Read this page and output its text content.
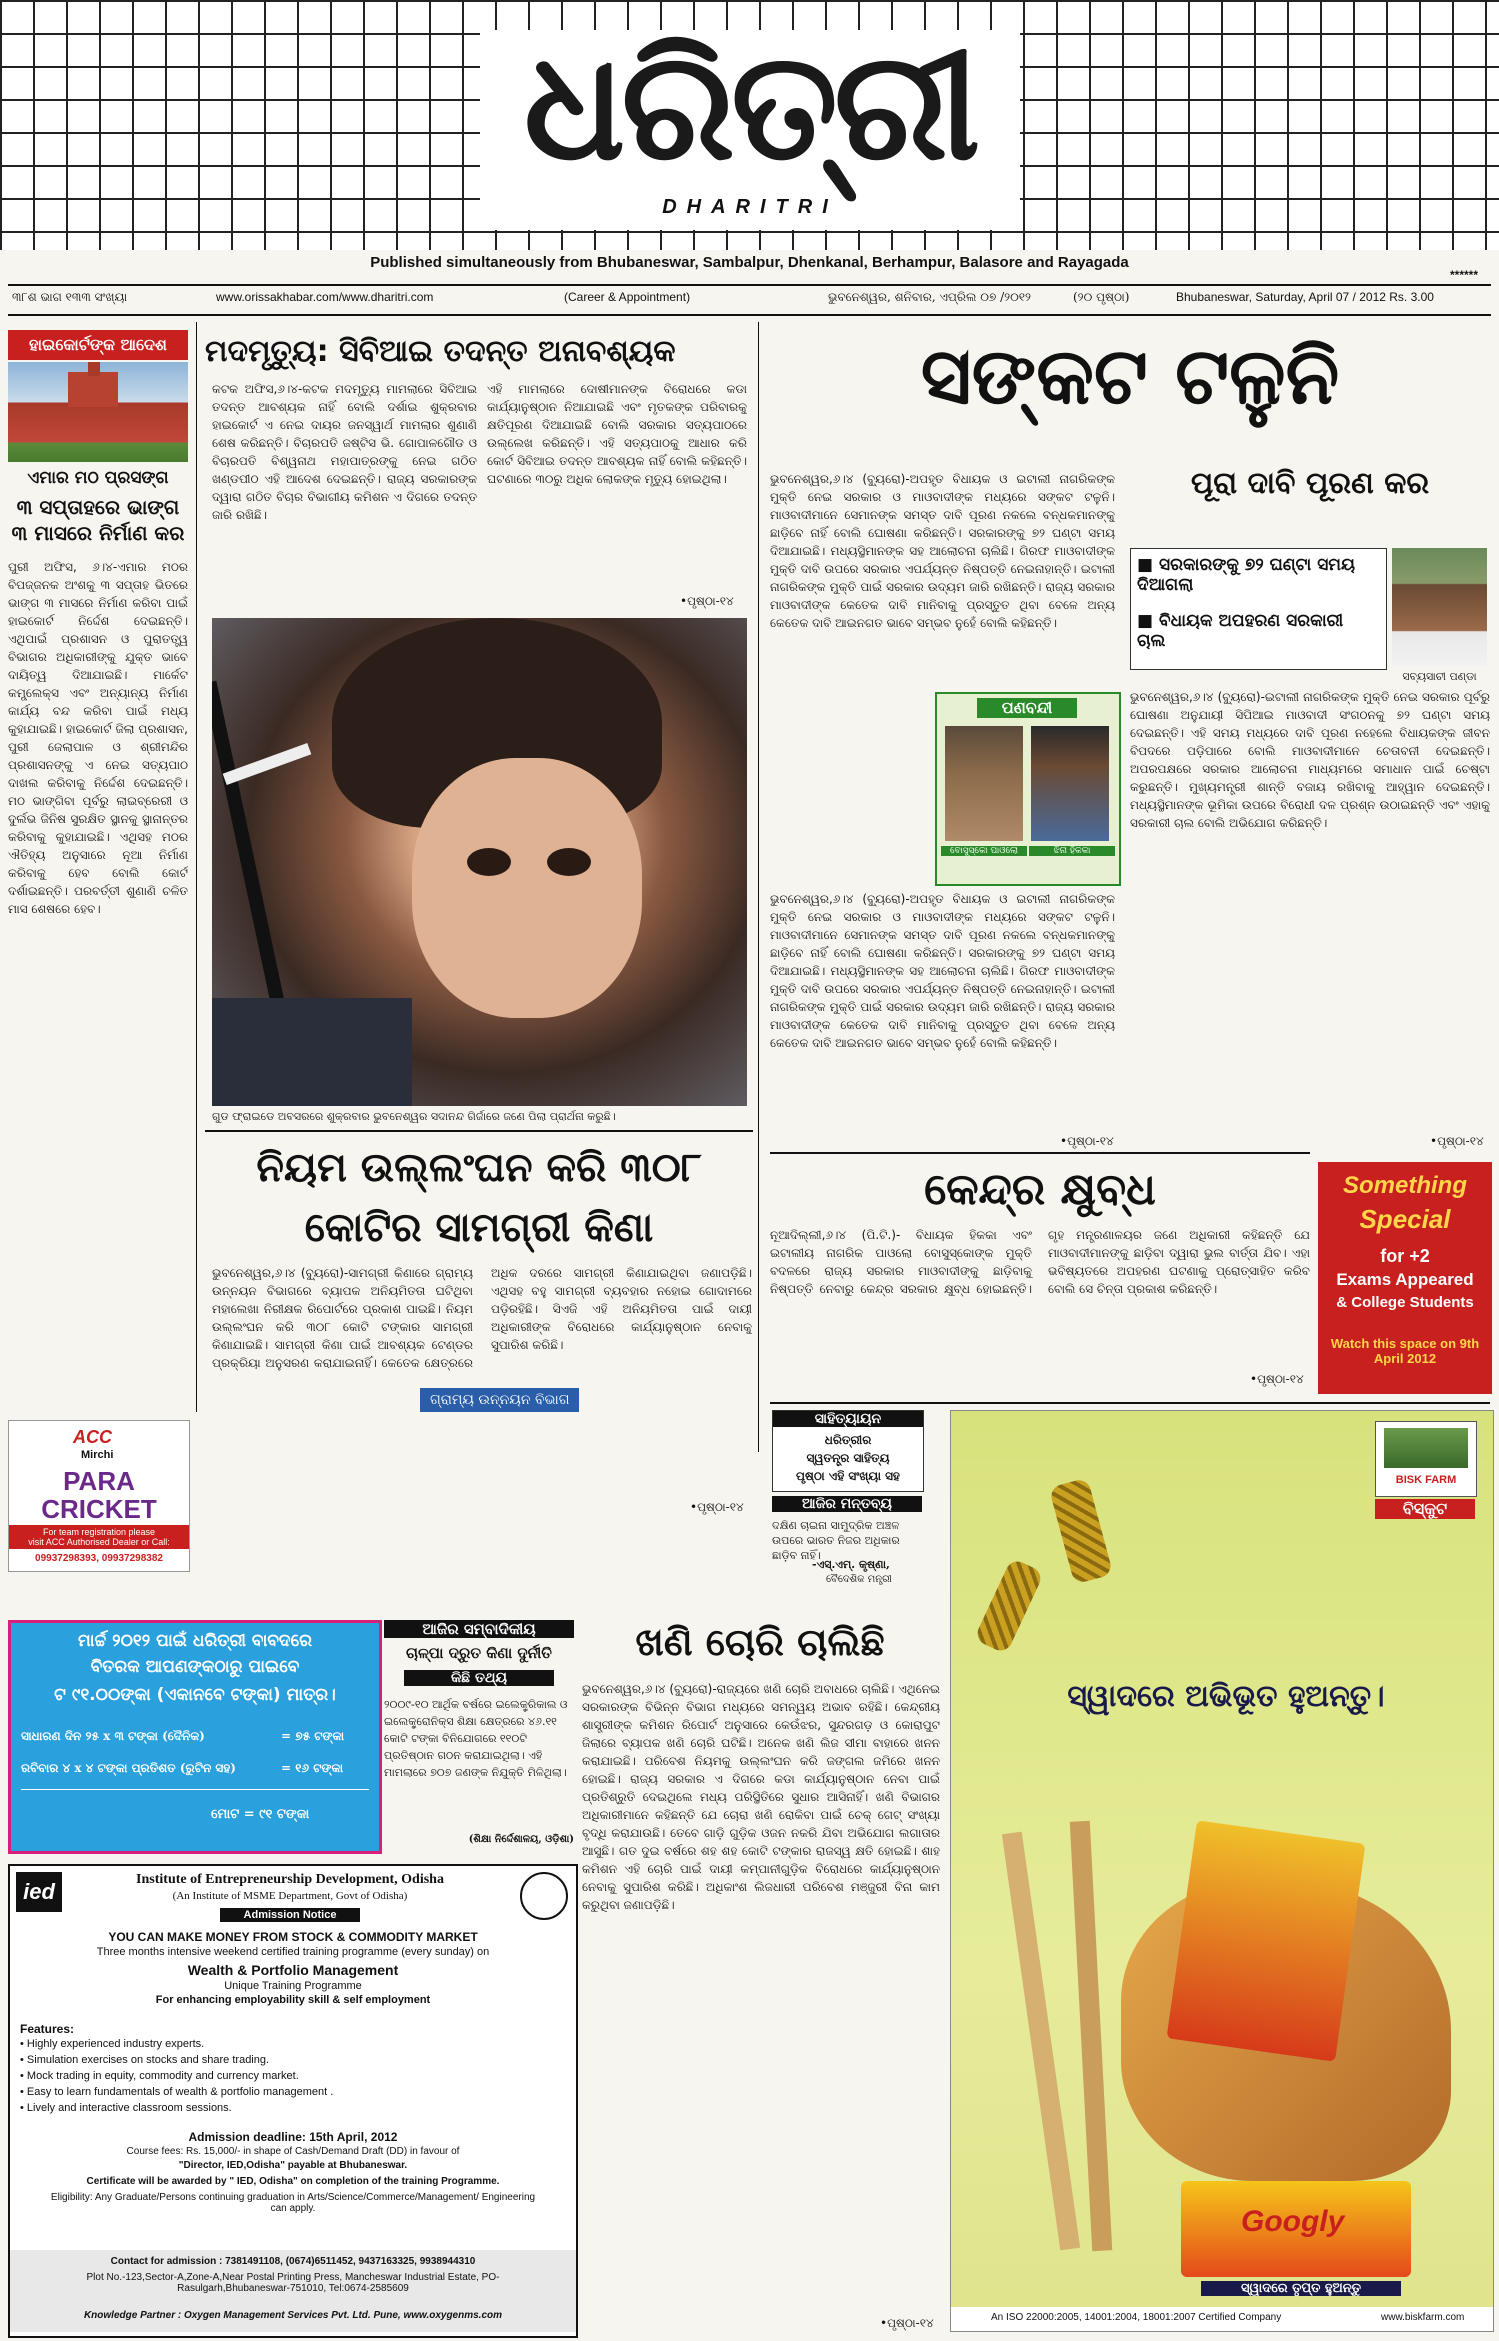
ଧରିତ୍ରୀ
DHARITRI
Published simultaneously from Bhubaneswar, Sambalpur, Dhenkanal, Berhampur, Balasore and Rayagada
******
୩୮ଶ ଭାଗ ୧୩୩ ସଂଖ୍ୟା	www.orissakhabar.com/www.dharitri.com	(Career & Appointment)	ଭୁବନେଶ୍ୱର, ଶନିବାର, ଏପ୍ରିଲ ୦୭ /୨୦୧୨	(୨୦ ପୃଷ୍ଠା)	Bhubaneswar, Saturday, April 07 / 2012 Rs. 3.00
ହାଇକୋର୍ଟଙ୍କ ଆଦେଶ
ଏମାର ମଠ ପ୍ରସଙ୍ଗ
୩ ସପ୍ତାହରେ ଭାଙ୍ଗ ୩ ମାସରେ ନିର୍ମାଣ କର
ପୁରୀ ଅଫିସ, ୬।୪-ଏମାର ମଠର ବିପଜ୍ଜନକ ଅଂଶକୁ ୩ ସପ୍ତାହ ଭିତରେ ଭାଙ୍ଗ ୩ ମାସରେ ନିର୍ମାଣ କରିବା ପାଇଁ ହାଇକୋର୍ଟ ନିର୍ଦ୍ଦେଶ ଦେଇଛନ୍ତି। ଏଥିପାଇଁ ପ୍ରଶାସନ ଓ ପୁରାତତ୍ତ୍ୱ ବିଭାଗର ଅଧିକାରୀଙ୍କୁ ଯୁକ୍ତ ଭାବେ ଦାୟିତ୍ୱ ଦିଆଯାଇଛି। ମାର୍କେଟ କମ୍ପ୍ଲେକ୍ସ ଏବଂ ଅନ୍ୟାନ୍ୟ ନିର୍ମାଣ କାର୍ଯ୍ୟ ବନ୍ଦ କରିବା ପାଇଁ ମଧ୍ୟ କୁହାଯାଇଛି। ହାଇକୋର୍ଟ ଜିଲା ପ୍ରଶାସନ, ପୁରୀ ଜେଲାପାଳ ଓ ଶ୍ରୀମନ୍ଦିର ପ୍ରଶାସନଙ୍କୁ ଏ ନେଇ ସତ୍ୟପାଠ ଦାଖଲ କରିବାକୁ ନିର୍ଦ୍ଦେଶ ଦେଇଛନ୍ତି। ମଠ ଭାଙ୍ଗିବା ପୂର୍ବରୁ ଲାଇବ୍ରେରୀ ଓ ଦୁର୍ଲଭ ଜିନିଷ ସୁରକ୍ଷିତ ସ୍ଥାନକୁ ସ୍ଥାନାନ୍ତର କରିବାକୁ କୁହାଯାଇଛି। ଏଥିସହ ମଠର ଐତିହ୍ୟ ଅନୁସାରେ ନୂଆ ନିର୍ମାଣ କରିବାକୁ ହେବ ବୋଲି କୋର୍ଟ ଦର୍ଶାଇଛନ୍ତି। ପରବର୍ତ୍ତୀ ଶୁଣାଣି ଚଳିତ ମାସ ଶେଷରେ ହେବ।
ACC
Mirchi
PARA CRICKET
For team registration please
visit ACC Authorised Dealer or Call:
09937298393, 09937298382
ମଦମୃତ୍ୟୁ: ସିବିଆଇ ତଦନ୍ତ ଅନାବଶ୍ୟକ
କଟକ ଅଫିସ,୬।୪-କଟକ ମଦମୃତ୍ୟୁ ମାମଲାରେ ସିବିଆଇ ତଦନ୍ତ ଆବଶ୍ୟକ ନାହିଁ ବୋଲି ଦର୍ଶାଇ ଶୁକ୍ରବାର ହାଇକୋର୍ଟ ଏ ନେଇ ଦାୟର ଜନସ୍ୱାର୍ଥ ମାମଲାର ଶୁଣାଣି ଶେଷ କରିଛନ୍ତି। ବିଚାରପତି ଜଷ୍ଟିସ ଭି. ଗୋପାଳଗୌଡ ଓ ବିଚାରପତି ବିଶ୍ୱନାଥ ମହାପାତ୍ରଙ୍କୁ ନେଇ ଗଠିତ ଖଣ୍ଡପୀଠ ଏହି ଆଦେଶ ଦେଇଛନ୍ତି। ରାଜ୍ୟ ସରକାରଙ୍କ ଦ୍ୱାରା ଗଠିତ ବିଚାର ବିଭାଗୀୟ କମିଶନ ଏ ଦିଗରେ ତଦନ୍ତ ଜାରି ରଖିଛି।
ଏହି ମାମଲାରେ ଦୋଷୀମାନଙ୍କ ବିରୋଧରେ କଡା କାର୍ଯ୍ୟାନୁଷ୍ଠାନ ନିଆଯାଇଛି ଏବଂ ମୃତକଙ୍କ ପରିବାରକୁ କ୍ଷତିପୂରଣ ଦିଆଯାଇଛି ବୋଲି ସରକାର ସତ୍ୟପାଠରେ ଉଲ୍ଲେଖ କରିଛନ୍ତି। ଏହି ସତ୍ୟପାଠକୁ ଆଧାର କରି କୋର୍ଟ ସିବିଆଇ ତଦନ୍ତ ଆବଶ୍ୟକ ନାହିଁ ବୋଲି କହିଛନ୍ତି। ଘଟଣାରେ ୩୦ରୁ ଅଧିକ ଲୋକଙ୍କ ମୃତ୍ୟୁ ହୋଇଥିଲା।
•ପୃଷ୍ଠା-୧୪
ଗୁଡ ଫ୍ରାଇଡେ ଅବସରରେ ଶୁକ୍ରବାର ଭୁବନେଶ୍ୱର ସଦାନନ୍ଦ ଗିର୍ଜାରେ ଜଣେ ପିଲା ପ୍ରାର୍ଥନା କରୁଛି।
ନିୟମ ଉଲ୍ଲଂଘନ କରି ୩୦୮
କୋଟିର ସାମଗ୍ରୀ କିଣା
ଭୁବନେଶ୍ୱର,୬।୪ (ବ୍ୟୁରୋ)-ସାମଗ୍ରୀ କିଣାରେ ଗ୍ରାମ୍ୟ ଉନ୍ନୟନ ବିଭାଗରେ ବ୍ୟାପକ ଅନିୟମିତତା ଘଟିଥିବା ମହାଲେଖା ନିରୀକ୍ଷକ ରିପୋର୍ଟରେ ପ୍ରକାଶ ପାଇଛି। ନିୟମ ଉଲ୍ଲଂଘନ କରି ୩୦୮ କୋଟି ଟଙ୍କାର ସାମଗ୍ରୀ କିଣାଯାଇଛି। ସାମଗ୍ରୀ କିଣା ପାଇଁ ଆବଶ୍ୟକ ଟେଣ୍ଡର ପ୍ରକ୍ରିୟା ଅନୁସରଣ କରାଯାଇନାହିଁ। କେତେକ କ୍ଷେତ୍ରରେ ଅଧିକ ଦରରେ ସାମଗ୍ରୀ କିଣାଯାଇଥିବା ଜଣାପଡ଼ିଛି। ଏଥିସହ ବହୁ ସାମଗ୍ରୀ ବ୍ୟବହାର ନହୋଇ ଗୋଦାମରେ ପଡ଼ିରହିଛି। ସିଏଜି ଏହି ଅନିୟମିତତା ପାଇଁ ଦାୟୀ ଅଧିକାରୀଙ୍କ ବିରୋଧରେ କାର୍ଯ୍ୟାନୁଷ୍ଠାନ ନେବାକୁ ସୁପାରିଶ କରିଛି।
ଗ୍ରାମ୍ୟ ଉନ୍ନୟନ ବିଭାଗ
•ପୃଷ୍ଠା-୧୪
ସଙ୍କଟ ଟଳୁନି
ଭୁବନେଶ୍ୱର,୬।୪ (ବ୍ୟୁରୋ)-ଅପହୃତ ବିଧାୟକ ଓ ଇଟାଲୀ ନାଗରିକଙ୍କ ମୁକ୍ତି ନେଇ ସରକାର ଓ ମାଓବାଦୀଙ୍କ ମଧ୍ୟରେ ସଙ୍କଟ ଟଳୁନି। ମାଓବାଦୀମାନେ ସେମାନଙ୍କ ସମସ୍ତ ଦାବି ପୂରଣ ନକଲେ ବନ୍ଧକମାନଙ୍କୁ ଛାଡ଼ିବେ ନାହିଁ ବୋଲି ଘୋଷଣା କରିଛନ୍ତି। ସରକାରଙ୍କୁ ୭୨ ଘଣ୍ଟା ସମୟ ଦିଆଯାଇଛି। ମଧ୍ୟସ୍ଥିମାନଙ୍କ ସହ ଆଲୋଚନା ଚାଲିଛି। ଗିରଫ ମାଓବାଦୀଙ୍କ ମୁକ୍ତି ଦାବି ଉପରେ ସରକାର ଏପର୍ଯ୍ୟନ୍ତ ନିଷ୍ପତ୍ତି ନେଇନାହାନ୍ତି। ଇଟାଲୀ ନାଗରିକଙ୍କ ମୁକ୍ତି ପାଇଁ ସରକାର ଉଦ୍ୟମ ଜାରି ରଖିଛନ୍ତି। ରାଜ୍ୟ ସରକାର ମାଓବାଦୀଙ୍କ କେତେକ ଦାବି ମାନିବାକୁ ପ୍ରସ୍ତୁତ ଥିବା ବେଳେ ଅନ୍ୟ କେତେକ ଦାବି ଆଇନଗତ ଭାବେ ସମ୍ଭବ ନୁହେଁ ବୋଲି କହିଛନ୍ତି।
ପୂରା ଦାବି ପୂରଣ କର
■ ସରକାରଙ୍କୁ ୭୨ ଘଣ୍ଟା ସମୟ ଦିଆଗଲା
■ ବିଧାୟକ ଅପହରଣ ସରକାରୀ ଚାଲ
ସବ୍ୟସାଚୀ ପଣ୍ଡା
ଭୁବନେଶ୍ୱର,୬।୪ (ବ୍ୟୁରୋ)-ଇଟାଲୀ ନାଗରିକଙ୍କ ମୁକ୍ତି ନେଇ ସରକାର ପୂର୍ବରୁ ଘୋଷଣା ଅନୁଯାୟୀ ସିପିଆଇ ମାଓବାଦୀ ସଂଗଠନକୁ ୭୨ ଘଣ୍ଟା ସମୟ ଦେଇଛନ୍ତି। ଏହି ସମୟ ମଧ୍ୟରେ ଦାବି ପୂରଣ ନହେଲେ ବିଧାୟକଙ୍କ ଜୀବନ ବିପଦରେ ପଡ଼ିପାରେ ବୋଲି ମାଓବାଦୀମାନେ ଚେତାବନୀ ଦେଇଛନ୍ତି। ଅପରପକ୍ଷରେ ସରକାର ଆଲୋଚନା ମାଧ୍ୟମରେ ସମାଧାନ ପାଇଁ ଚେଷ୍ଟା କରୁଛନ୍ତି। ମୁଖ୍ୟମନ୍ତ୍ରୀ ଶାନ୍ତି ବଜାୟ ରଖିବାକୁ ଆହ୍ୱାନ ଦେଇଛନ୍ତି। ମଧ୍ୟସ୍ଥିମାନଙ୍କ ଭୂମିକା ଉପରେ ବିରୋଧୀ ଦଳ ପ୍ରଶ୍ନ ଉଠାଇଛନ୍ତି ଏବଂ ଏହାକୁ ସରକାରୀ ଚାଲ ବୋଲି ଅଭିଯୋଗ କରିଛନ୍ତି।
ପଣବନ୍ଦୀ
ବୋସୁସ୍କୋ ପାଓଲୋ	ଝିନା ହିକକା
ଭୁବନେଶ୍ୱର,୬।୪ (ବ୍ୟୁରୋ)-ଅପହୃତ ବିଧାୟକ ଓ ଇଟାଲୀ ନାଗରିକଙ୍କ ମୁକ୍ତି ନେଇ ସରକାର ଓ ମାଓବାଦୀଙ୍କ ମଧ୍ୟରେ ସଙ୍କଟ ଟଳୁନି। ମାଓବାଦୀମାନେ ସେମାନଙ୍କ ସମସ୍ତ ଦାବି ପୂରଣ ନକଲେ ବନ୍ଧକମାନଙ୍କୁ ଛାଡ଼ିବେ ନାହିଁ ବୋଲି ଘୋଷଣା କରିଛନ୍ତି। ସରକାରଙ୍କୁ ୭୨ ଘଣ୍ଟା ସମୟ ଦିଆଯାଇଛି। ମଧ୍ୟସ୍ଥିମାନଙ୍କ ସହ ଆଲୋଚନା ଚାଲିଛି। ଗିରଫ ମାଓବାଦୀଙ୍କ ମୁକ୍ତି ଦାବି ଉପରେ ସରକାର ଏପର୍ଯ୍ୟନ୍ତ ନିଷ୍ପତ୍ତି ନେଇନାହାନ୍ତି। ଇଟାଲୀ ନାଗରିକଙ୍କ ମୁକ୍ତି ପାଇଁ ସରକାର ଉଦ୍ୟମ ଜାରି ରଖିଛନ୍ତି। ରାଜ୍ୟ ସରକାର ମାଓବାଦୀଙ୍କ କେତେକ ଦାବି ମାନିବାକୁ ପ୍ରସ୍ତୁତ ଥିବା ବେଳେ ଅନ୍ୟ କେତେକ ଦାବି ଆଇନଗତ ଭାବେ ସମ୍ଭବ ନୁହେଁ ବୋଲି କହିଛନ୍ତି।
•ପୃଷ୍ଠା-୧୪	•ପୃଷ୍ଠା-୧୪
କେନ୍ଦ୍ର କ୍ଷୁବ୍ଧ
ନୂଆଦିଲ୍ଲୀ,୬।୪ (ପି.ଟି.)- ବିଧାୟକ ହିକକା ଏବଂ ଇଟାଲୀୟ ନାଗରିକ ପାଓଲୋ ବୋସୁସ୍କୋଙ୍କ ମୁକ୍ତି ବଦଳରେ ରାଜ୍ୟ ସରକାର ମାଓବାଦୀଙ୍କୁ ଛାଡ଼ିବାକୁ ନିଷ୍ପତ୍ତି ନେବାରୁ କେନ୍ଦ୍ର ସରକାର କ୍ଷୁବ୍ଧ ହୋଇଛନ୍ତି। ଗୃହ ମନ୍ତ୍ରଣାଳୟର ଜଣେ ଅଧିକାରୀ କହିଛନ୍ତି ଯେ ମାଓବାଦୀମାନଙ୍କୁ ଛାଡ଼ିବା ଦ୍ୱାରା ଭୁଲ ବାର୍ତ୍ତା ଯିବ। ଏହା ଭବିଷ୍ୟତରେ ଅପହରଣ ଘଟଣାକୁ ପ୍ରୋତ୍ସାହିତ କରିବ ବୋଲି ସେ ଚିନ୍ତା ପ୍ରକାଶ କରିଛନ୍ତି।
•ପୃଷ୍ଠା-୧୪
Something
Special
for +2
Exams Appeared
& College Students
Watch this space on 9th April 2012
ସାହିତ୍ୟାୟନ
ଧରିତ୍ରୀର
ସ୍ୱତନ୍ତ୍ର ସାହିତ୍ୟ
ପୃଷ୍ଠା ଏହି ସଂଖ୍ୟା ସହ
ଆଜିର ମନ୍ତବ୍ୟ
ଦକ୍ଷିଣ ଚାଇନା ସାମୁଦ୍ରିକ ଅଞ୍ଚଳ ଉପରେ ଭାରତ ନିଜର ଅଧିକାର ଛାଡ଼ିବ ନାହିଁ।
-ଏସ୍.ଏମ୍. କୃଷ୍ଣା,
ବୈଦେଶିକ ମନ୍ତ୍ରୀ
ମାର୍ଚ୍ଚ ୨୦୧୨ ପାଇଁ ଧରିତ୍ରୀ ବାବଦରେ
ବିତରକ ଆପଣଙ୍କଠାରୁ ପାଇବେ
ଟ ୯୧.୦୦ଙ୍କା (ଏକାନବେ ଟଙ୍କା) ମାତ୍ର।
ସାଧାରଣ ଦିନ ୨୫ x ୩ ଟଙ୍କା (ଦୈନିକ)	= ୭୫ ଟଙ୍କା
ରବିବାର ୪ x ୪ ଟଙ୍କା ପ୍ରତିଶତ (ରୁଟିନ ସହ)	= ୧୬ ଟଙ୍କା
ମୋଟ = ୯୧ ଟଙ୍କା
ଆଜିର ସମ୍ବାଦିକୀୟ
ଚାଳ୍ପା ଦ୍ରୁତ କିଣା ଦୁର୍ନୀତି
କିଛି ତଥ୍ୟ
୨୦୦୯-୧୦ ଆର୍ଥିକ ବର୍ଷରେ ଇଲେକ୍ଟ୍ରିକାଲ ଓ ଇଲେକ୍ଟ୍ରୋନିକ୍ସ ଶିକ୍ଷା କ୍ଷେତ୍ରରେ ୪୬.୧୧ କୋଟି ଟଙ୍କା ବିନିଯୋଗରେ ୧୧୦ଟି ପ୍ରତିଷ୍ଠାନ ଗଠନ କରାଯାଇଥିଲା। ଏହି ମାମଲାରେ ୭୦୭ ଜଣଙ୍କ ନିଯୁକ୍ତି ମିଳିଥିଲା।
(ଶିକ୍ଷା ନିର୍ଦ୍ଦେଶାଳୟ, ଓଡ଼ିଶା)
ଖଣି ଚୋରି ଚାଲିଛି
ଭୁବନେଶ୍ୱର,୬।୪ (ବ୍ୟୁରୋ)-ରାଜ୍ୟରେ ଖଣି ଚୋରି ଅବାଧରେ ଚାଲିଛି। ଏଥିନେଇ ସରକାରଙ୍କ ବିଭିନ୍ନ ବିଭାଗ ମଧ୍ୟରେ ସମନ୍ୱୟ ଅଭାବ ରହିଛି। କେନ୍ଦ୍ରୀୟ ଶାସ୍ତ୍ରୀଙ୍କ କମିଶନ ରିପୋର୍ଟ ଅନୁସାରେ କେଉଁଝର, ସୁନ୍ଦରଗଡ଼ ଓ କୋରାପୁଟ ଜିଲାରେ ବ୍ୟାପକ ଖଣି ଚୋରି ଘଟିଛି। ଅନେକ ଖଣି ଲିଜ ସୀମା ବାହାରେ ଖନନ କରାଯାଇଛି। ପରିବେଶ ନିୟମକୁ ଉଲ୍ଲଂଘନ କରି ଜଙ୍ଗଲ ଜମିରେ ଖନନ ହୋଇଛି। ରାଜ୍ୟ ସରକାର ଏ ଦିଗରେ କଡା କାର୍ଯ୍ୟାନୁଷ୍ଠାନ ନେବା ପାଇଁ ପ୍ରତିଶ୍ରୁତି ଦେଇଥିଲେ ମଧ୍ୟ ପରିସ୍ଥିତିରେ ସୁଧାର ଆସିନାହିଁ। ଖଣି ବିଭାଗର ଅଧିକାରୀମାନେ କହିଛନ୍ତି ଯେ ଚୋରା ଖଣି ରୋକିବା ପାଇଁ ଚେକ୍ ଗେଟ୍ ସଂଖ୍ୟା ବୃଦ୍ଧି କରାଯାଉଛି। ତେବେ ଗାଡ଼ି ଗୁଡ଼ିକ ଓଜନ ନକରି ଯିବା ଅଭିଯୋଗ ଲଗାତାର ଆସୁଛି। ଗତ ଦୁଇ ବର୍ଷରେ ଶହ ଶହ କୋଟି ଟଙ୍କାର ରାଜସ୍ୱ କ୍ଷତି ହୋଇଛି। ଶାହ କମିଶନ ଏହି ଚୋରି ପାଇଁ ଦାୟୀ କମ୍ପାନୀଗୁଡ଼ିକ ବିରୋଧରେ କାର୍ଯ୍ୟାନୁଷ୍ଠାନ ନେବାକୁ ସୁପାରିଶ କରିଛି। ଅଧିକାଂଶ ଲିଜଧାରୀ ପରିବେଶ ମଞ୍ଜୁରୀ ବିନା କାମ କରୁଥିବା ଜଣାପଡ଼ିଛି।
•ପୃଷ୍ଠା-୧୪
ied	Institute of Entrepreneurship Development, Odisha
(An Institute of MSME Department, Govt of Odisha)
Admission Notice
YOU CAN MAKE MONEY FROM STOCK & COMMODITY MARKET
Three months intensive weekend certified training programme (every sunday) on
Wealth & Portfolio Management
Unique Training Programme
For enhancing employability skill & self employment
Features:
• Highly experienced industry experts.
• Simulation exercises on stocks and share trading.
• Mock trading in equity, commodity and currency market.
• Easy to learn fundamentals of wealth & portfolio management .
• Lively and interactive classroom sessions.
Admission deadline: 15th April, 2012
Course fees: Rs. 15,000/- in shape of Cash/Demand Draft (DD) in favour of
"Director, IED,Odisha" payable at Bhubaneswar.
Certificate will be awarded by " IED, Odisha" on completion of the training Programme.
Eligibility: Any Graduate/Persons continuing graduation in Arts/Science/Commerce/Management/ Engineering can apply.
Contact for admission : 7381491108, (0674)6511452, 9437163325, 9938944310
Plot No.-123,Sector-A,Zone-A,Near Postal Printing Press, Mancheswar Industrial Estate, PO-Rasulgarh,Bhubaneswar-751010, Tel:0674-2585609
Knowledge Partner : Oxygen Management Services Pvt. Ltd. Pune, www.oxygenms.com
BISK FARM
ବିସ୍କୁଟ
ସ୍ୱାଦରେ ଅଭିଭୂତ ହୁଅନ୍ତୁ।
Googly
ସ୍ୱାଦରେ ତୃପ୍ତ ହୁଅନ୍ତୁ
An ISO 22000:2005, 14001:2004, 18001:2007 Certified Company	www.biskfarm.com
